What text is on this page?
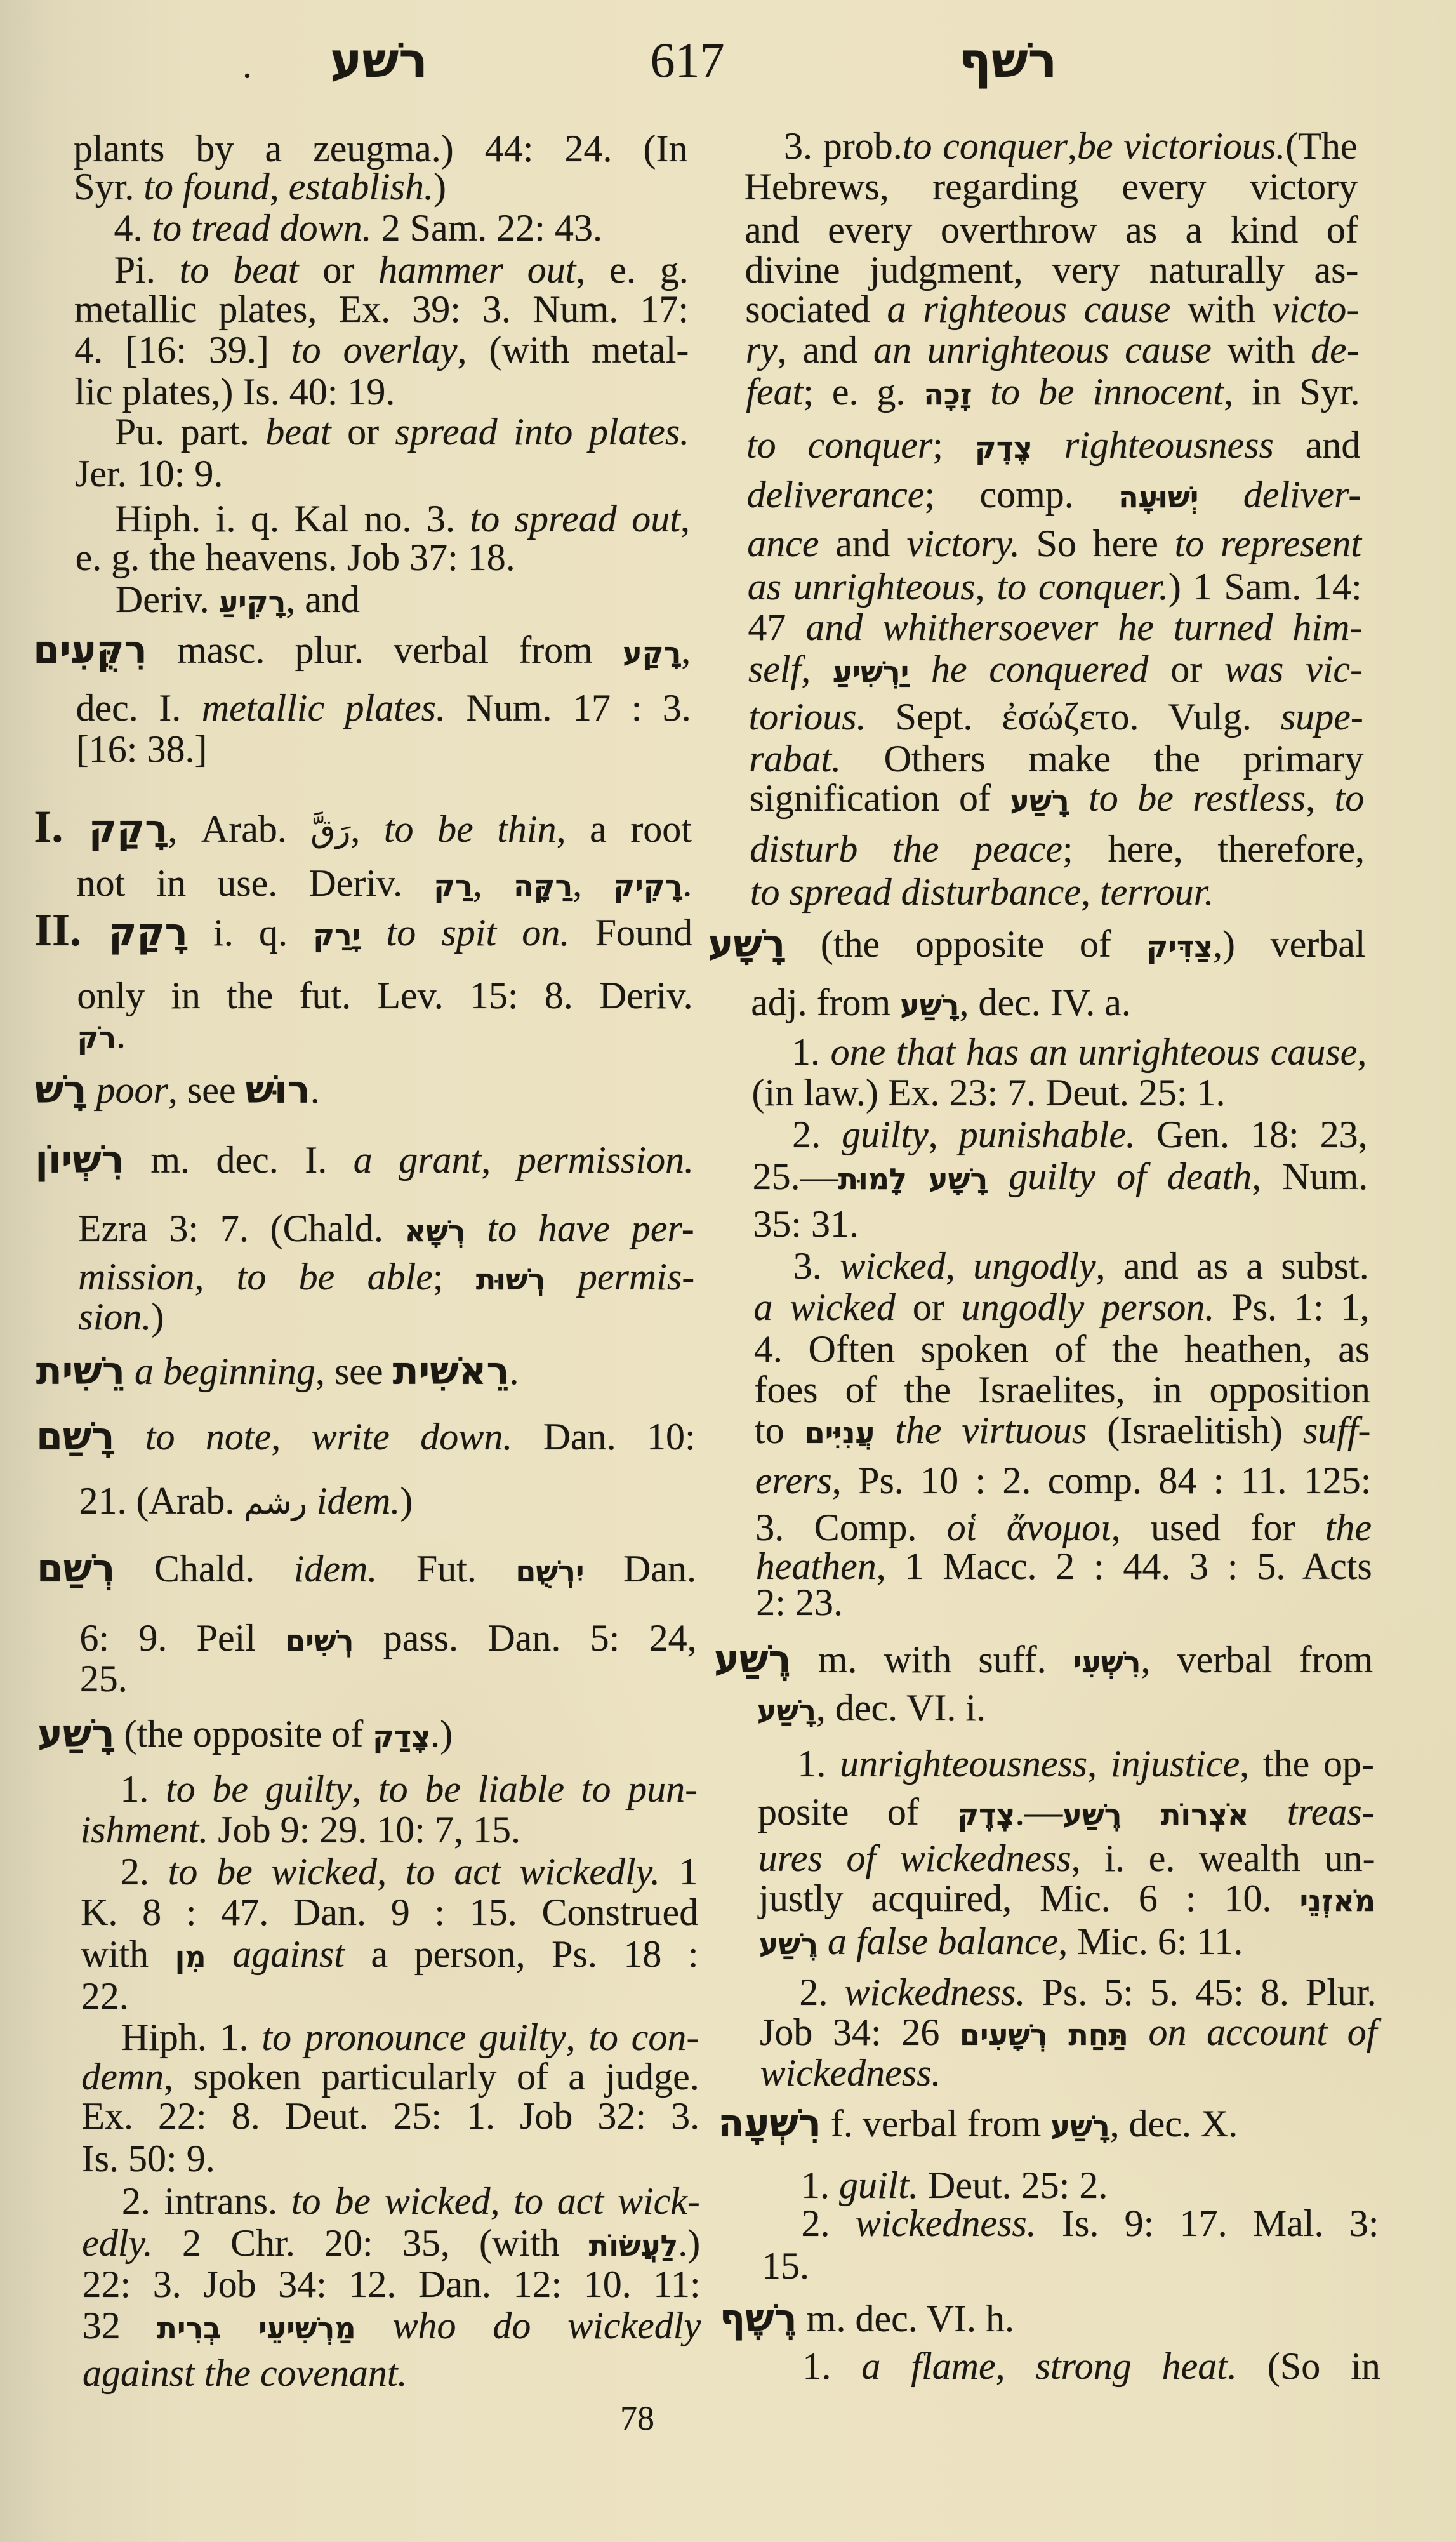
.	רשׁע	617	רשׁף
plants by a zeugma.) 44: 24. (In
Syr. to found, establish.)
4. to tread down. 2 Sam. 22: 43.
Pi. to beat or hammer out, e. g.
metallic plates, Ex. 39: 3. Num. 17:
4. [16: 39.] to overlay, (with metal-
lic plates,) Is. 40: 19.
Pu. part. beat or spread into plates.
Jer. 10: 9.
Hiph. i. q. Kal no. 3. to spread out,
e. g. the heavens. Job 37: 18.
Deriv. רָקִיעַ, and
רִקֻּעִים masc. plur. verbal from רָקַע,
dec. I. metallic plates. Num. 17 : 3.
[16: 38.]
I. רָקַק, Arab. رَقَّ, to be thin, a root
not in use. Deriv. רַק, רַקָּה, רָקִיק.
II. רָקַק i. q. יָרַק to spit on. Found
only in the fut. Lev. 15: 8. Deriv.
רֹק.
רָשׁ poor, see רוּשׁ.
רִשְׁיוֹן m. dec. I. a grant, permission.
Ezra 3: 7. (Chald. רְשָׁא to have per-
mission, to be able; רְשׁוּת permis-
sion.)
רֵשִׁית a beginning, see רֵאשִׁית.
רָשַׁם to note, write down. Dan. 10:
21. (Arab. رشم idem.)
רְשַׁם Chald. idem. Fut. יִרְשֻׁם Dan.
6: 9. Peil רְשִׁים pass. Dan. 5: 24,
25.
רָשַׁע (the opposite of צָדַק.)
1. to be guilty, to be liable to pun-
ishment. Job 9: 29. 10: 7, 15.
2. to be wicked, to act wickedly. 1
K. 8 : 47. Dan. 9 : 15. Construed
with מִן against a person, Ps. 18 :
22.
Hiph. 1. to pronounce guilty, to con-
demn, spoken particularly of a judge.
Ex. 22: 8. Deut. 25: 1. Job 32: 3.
Is. 50: 9.
2. intrans. to be wicked, to act wick-
edly. 2 Chr. 20: 35, (with לַעֲשׂוֹת.)
22: 3. Job 34: 12. Dan. 12: 10. 11:
32 מַרְשִׁיעֵי בְרִית who do wickedly
against the covenant.
3. prob.to conquer,be victorious.(The
Hebrews, regarding every victory
and every overthrow as a kind of
divine judgment, very naturally as-
sociated a righteous cause with victo-
ry, and an unrighteous cause with de-
feat; e. g. זָכָה to be innocent, in Syr.
to conquer; צֶדֶק righteousness and
deliverance; comp. יְשׁוּעָה deliver-
ance and victory. So here to represent
as unrighteous, to conquer.) 1 Sam. 14:
47 and whithersoever he turned him-
self, יַרְשִׁיעַ he conquered or was vic-
torious. Sept. ἐσώζετο. Vulg. supe-
rabat. Others make the primary
signification of רָשַׁע to be restless, to
disturb the peace; here, therefore,
to spread disturbance, terrour.
רָשָׁע (the opposite of צַדִּיק,) verbal
adj. from רָשַׁע, dec. IV. a.
1. one that has an unrighteous cause,
(in law.) Ex. 23: 7. Deut. 25: 1.
2. guilty, punishable. Gen. 18: 23,
25.—רָשָׁע לָמוּת guilty of death, Num.
35: 31.
3. wicked, ungodly, and as a subst.
a wicked or ungodly person. Ps. 1: 1,
4. Often spoken of the heathen, as
foes of the Israelites, in opposition
to עֲנִיִּים the virtuous (Israelitish) suff-
erers, Ps. 10 : 2. comp. 84 : 11. 125:
3. Comp. οἱ ἄνομοι, used for the
heathen, 1 Macc. 2 : 44. 3 : 5. Acts
2: 23.
רֶשַׁע m. with suff. רִשְׁעִי, verbal from
רָשַׁע, dec. VI. i.
1. unrighteousness, injustice, the op-
posite of צֶדֶק.—אֹצְרוֹת רֶשַׁע treas-
ures of wickedness, i. e. wealth un-
justly acquired, Mic. 6 : 10. מֹאזְנֵי
רֶשַׁע a false balance, Mic. 6: 11.
2. wickedness. Ps. 5: 5. 45: 8. Plur.
Job 34: 26 תַּחַת רְשָׁעִים on account of
wickedness.
רִשְׁעָה f. verbal from רָשַׁע, dec. X.
1. guilt. Deut. 25: 2.
2. wickedness. Is. 9: 17. Mal. 3:
15.
רֶשֶׁף m. dec. VI. h.
1. a flame, strong heat. (So in
78
